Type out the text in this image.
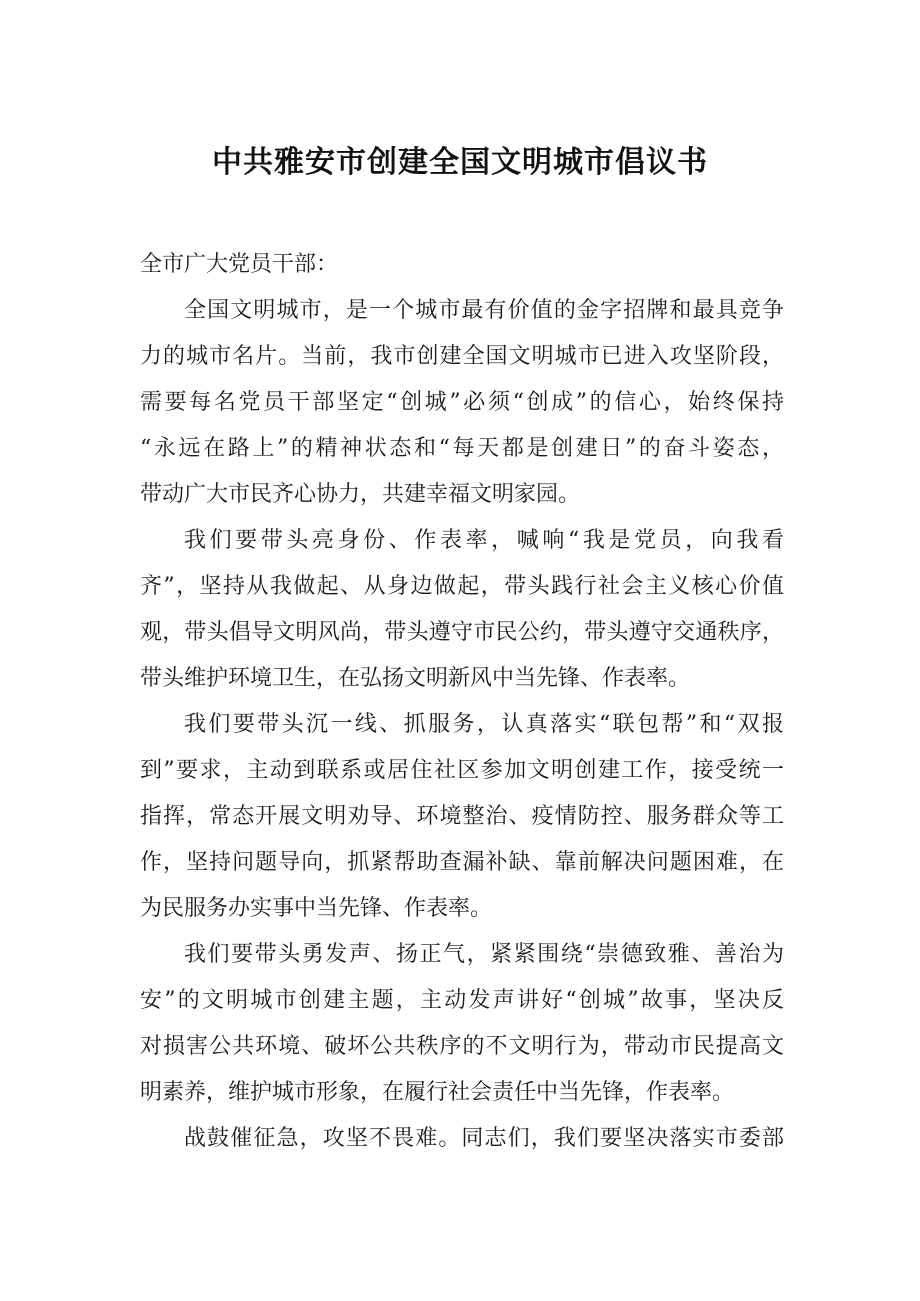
中共雅安市创建全国文明城市倡议书

全市广大党员干部：

全国文明城市，是一个城市最有价值的金字招牌和最具竞争
力的城市名片。当前，我市创建全国文明城市已进入攻坚阶段，
需要每名党员干部坚定“创城”必须“创成”的信心，始终保持
“永远在路上”的精神状态和“每天都是创建日”的奋斗姿态，
带动广大市民齐心协力，共建幸福文明家园。

我们要带头亮身份、作表率，喊响“我是党员，向我看
齐”，坚持从我做起、从身边做起，带头践行社会主义核心价值
观，带头倡导文明风尚，带头遵守市民公约，带头遵守交通秩序，
带头维护环境卫生，在弘扬文明新风中当先锋、作表率。

我们要带头沉一线、抓服务，认真落实“联包帮”和“双报
到”要求，主动到联系或居住社区参加文明创建工作，接受统一
指挥，常态开展文明劝导、环境整治、疫情防控、服务群众等工
作，坚持问题导向，抓紧帮助查漏补缺、靠前解决问题困难，在
为民服务办实事中当先锋、作表率。

我们要带头勇发声、扬正气，紧紧围绕“崇德致雅、善治为
安”的文明城市创建主题，主动发声讲好“创城”故事，坚决反
对损害公共环境、破坏公共秩序的不文明行为，带动市民提高文
明素养，维护城市形象，在履行社会责任中当先锋，作表率。

战鼓催征急，攻坚不畏难。同志们，我们要坚决落实市委部
